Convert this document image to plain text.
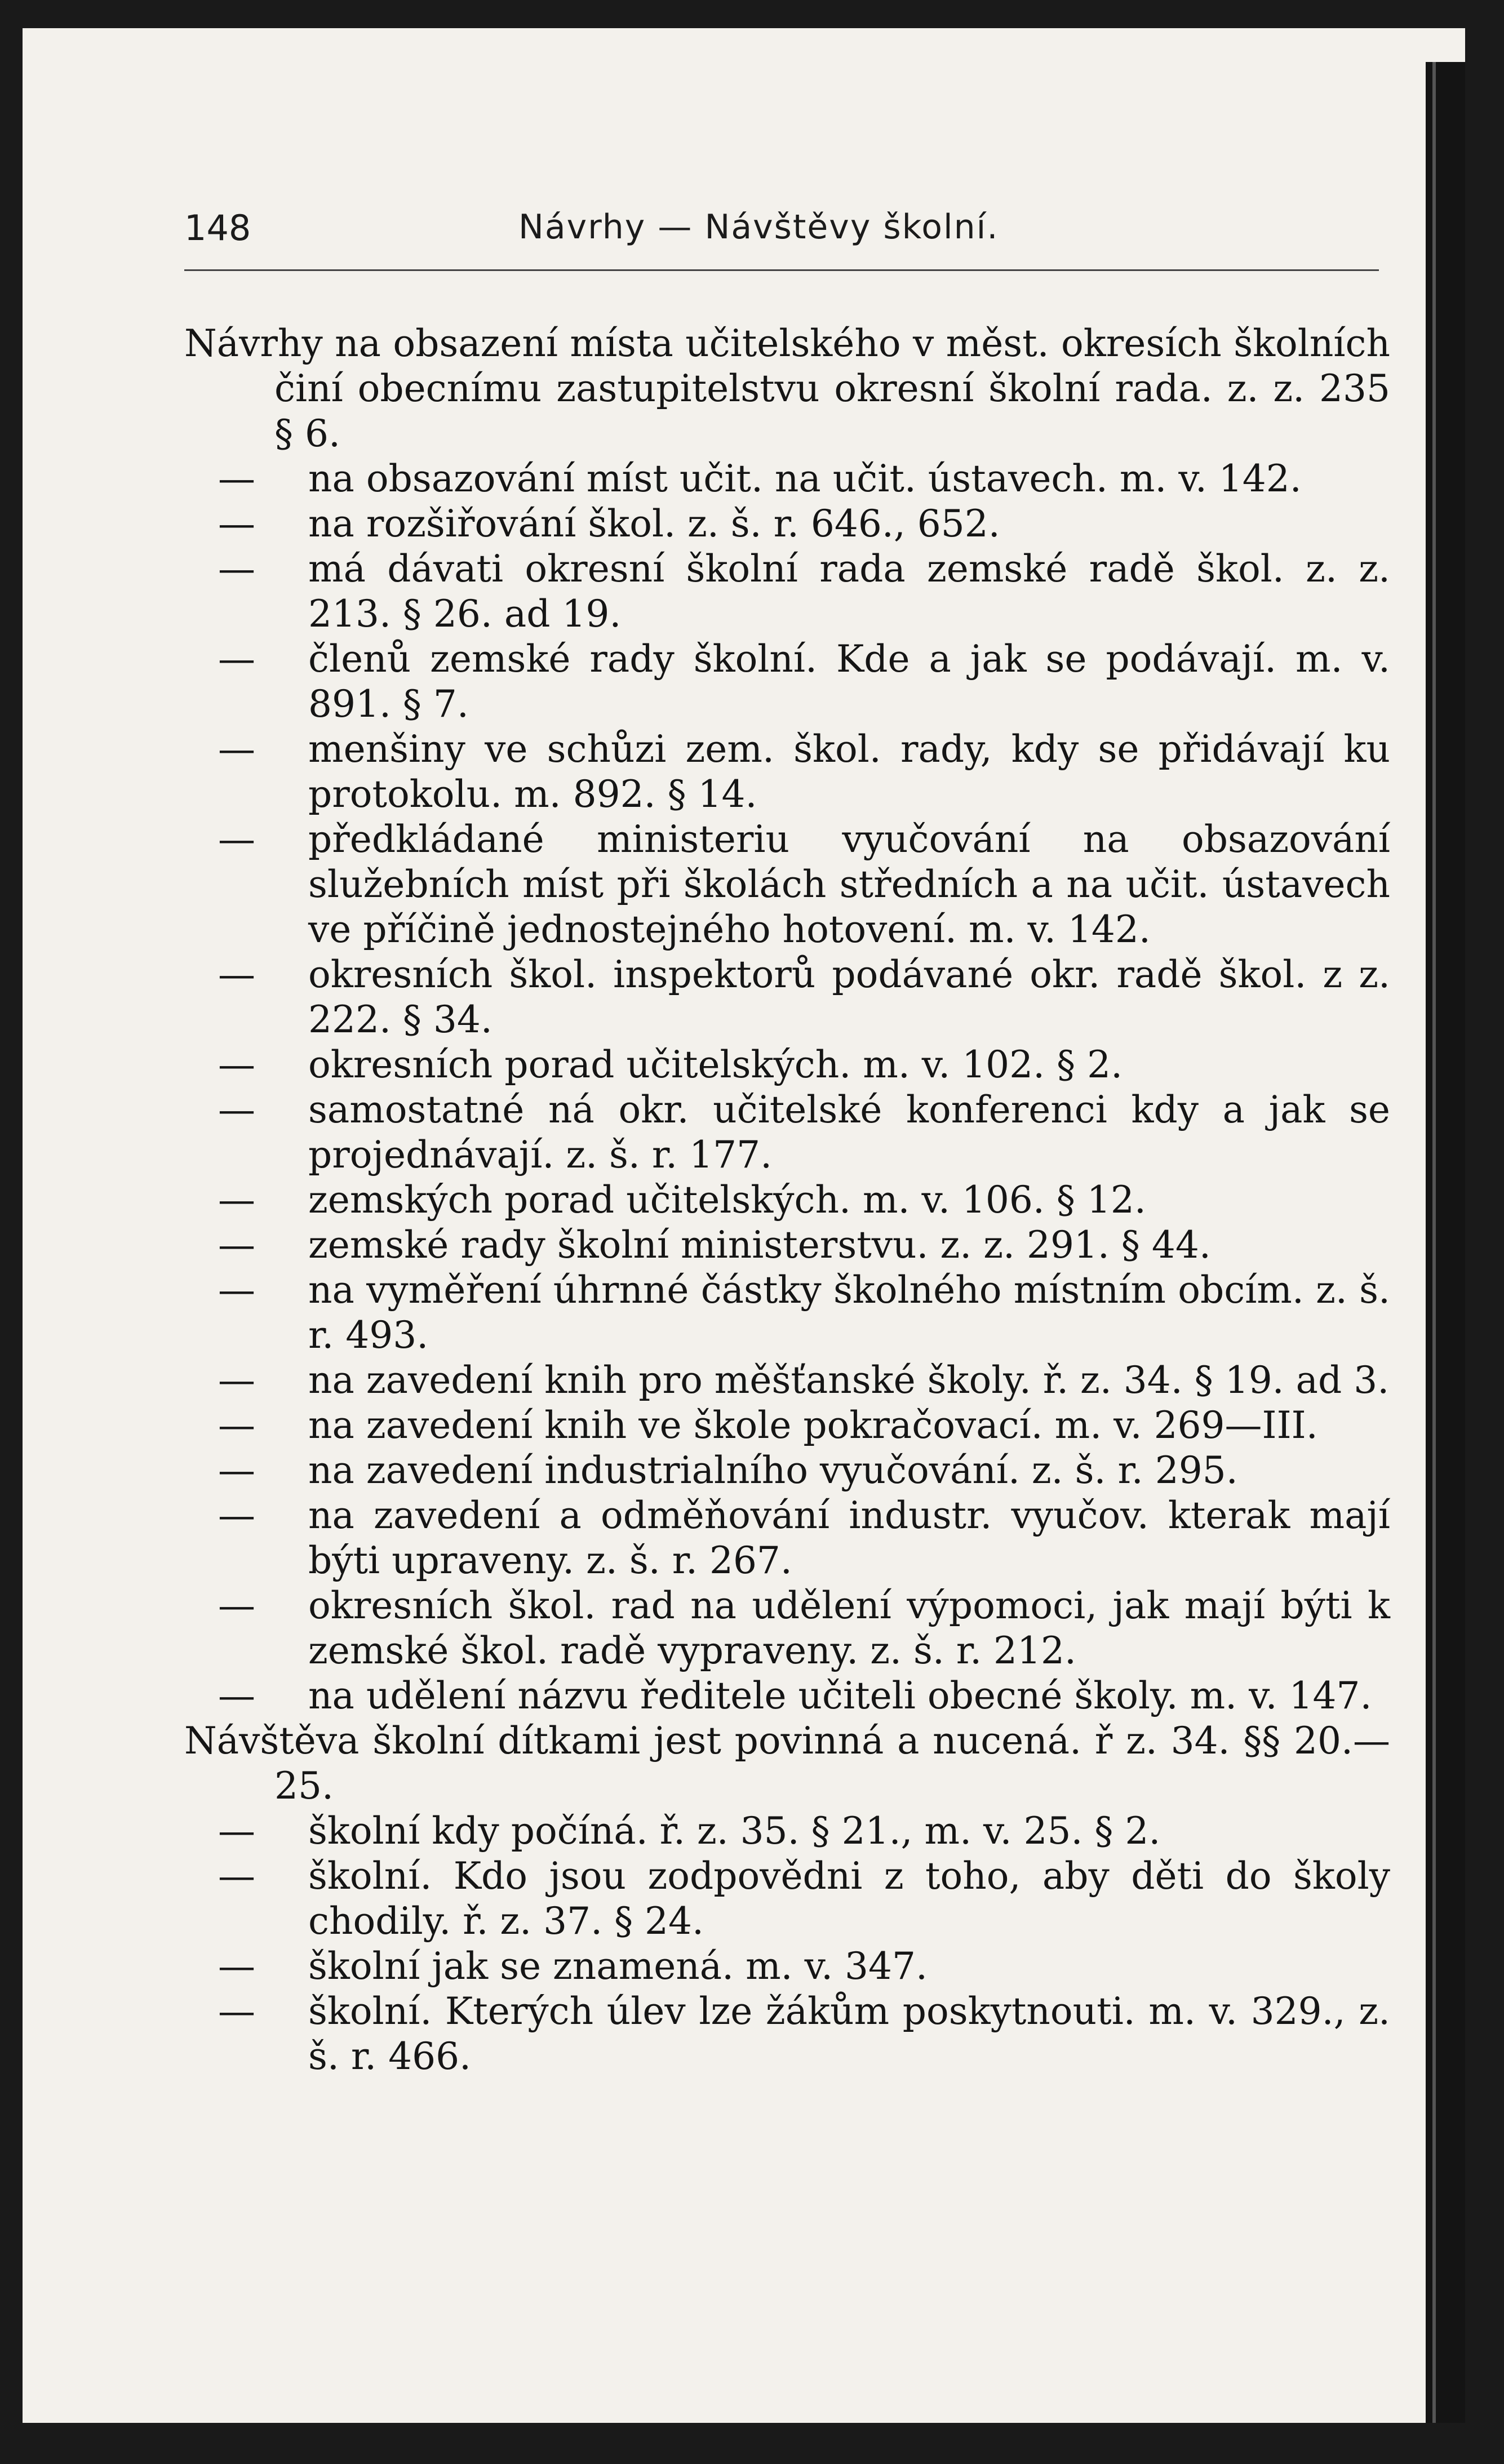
148	Návrhy — Návštěvy školní.

Návrhy na obsazení místa učitelského v měst. okresích školních činí obecnímu zastupitelstvu okresní školní rada. z. z. 235 § 6.

—	na obsazování míst učit. na učit. ústavech. m. v. 142.

—	na rozšiřování škol. z. š. r. 646., 652.

—	má dávati okresní školní rada zemské radě škol. z. z. 213. § 26. ad 19.

—	členů zemské rady školní. Kde a jak se podávají. m. v. 891. § 7.

—	menšiny ve schůzi zem. škol. rady, kdy se přidávají ku protokolu. m. 892. § 14.

—	předkládané ministeriu vyučování na obsazování služebních míst při školách středních a na učit. ústavech ve příčině jednostejného hotovení. m. v. 142.

—	okresních škol. inspektorů podávané okr. radě škol. z z. 222. § 34.

—	okresních porad učitelských. m. v. 102. § 2.

—	samostatné ná okr. učitelské konferenci kdy a jak se projednávají. z. š. r. 177.

—	zemských porad učitelských. m. v. 106. § 12.

—	zemské rady školní ministerstvu. z. z. 291. § 44.

—	na vyměření úhrnné částky školného místním obcím. z. š. r. 493.

—	na zavedení knih pro měšťanské školy. ř. z. 34. § 19. ad 3.

—	na zavedení knih ve škole pokračovací. m. v. 269—III.

—	na zavedení industrialního vyučování. z. š. r. 295.

—	na zavedení a odměňování industr. vyučov. kterak mají býti upraveny. z. š. r. 267.

—	okresních škol. rad na udělení výpomoci, jak mají býti k zemské škol. radě vypraveny. z. š. r. 212.

—	na udělení názvu ředitele učiteli obecné školy. m. v. 147.

Návštěva školní dítkami jest povinná a nucená. ř z. 34. §§ 20.—25.

—	školní kdy počíná. ř. z. 35. § 21., m. v. 25. § 2.

—	školní. Kdo jsou zodpovědni z toho, aby děti do školy chodily. ř. z. 37. § 24.

—	školní jak se znamená. m. v. 347.

—	školní. Kterých úlev lze žákům poskytnouti. m. v. 329., z. š. r. 466.
